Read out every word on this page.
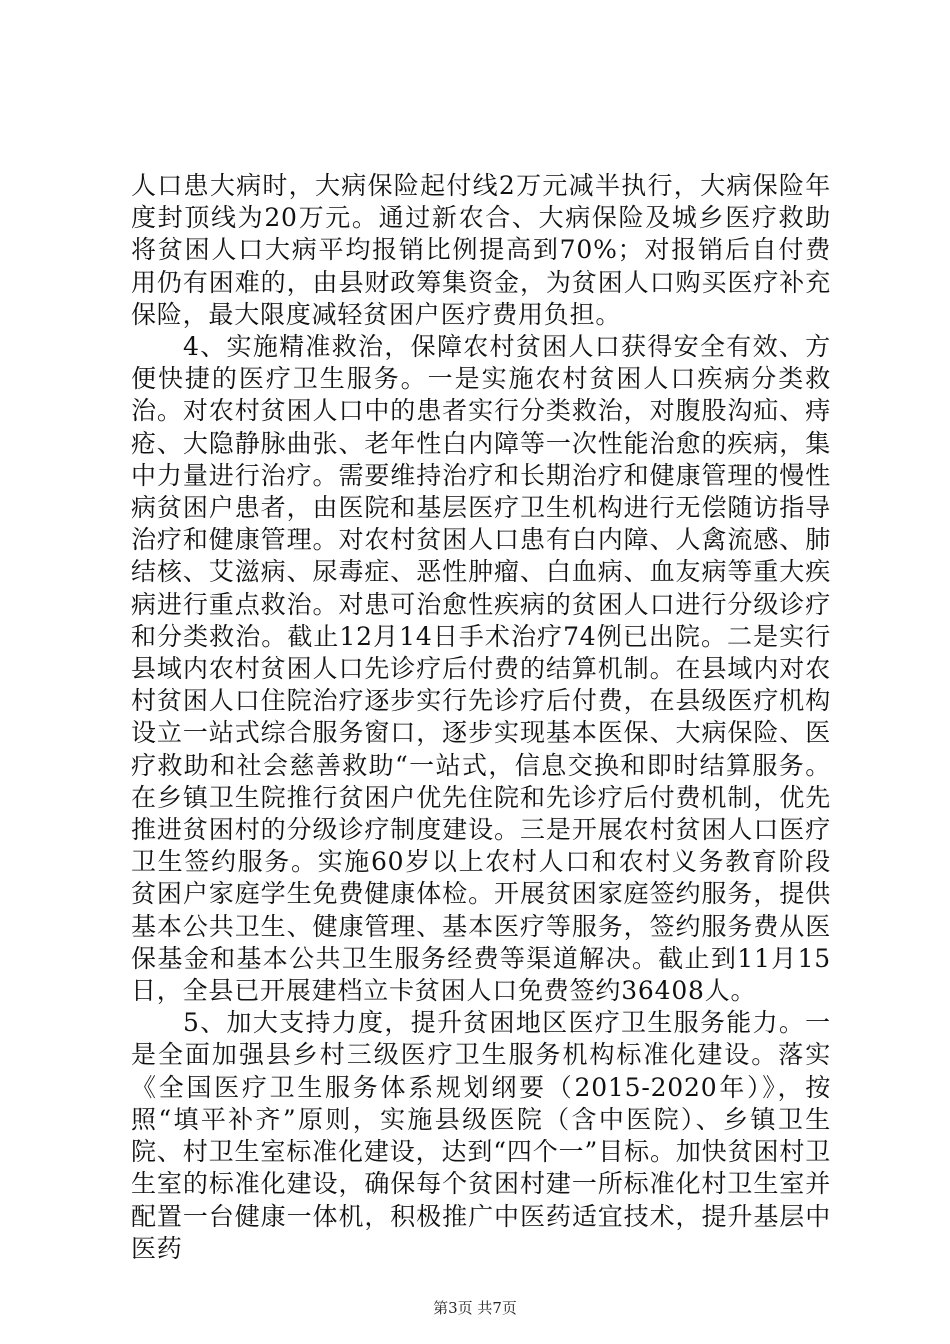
人口患大病时，大病保险起付线2万元减半执行，大病保险年度封顶线为20万元。通过新农合、大病保险及城乡医疗救助将贫困人口大病平均报销比例提高到70%；对报销后自付费用仍有困难的，由县财政筹集资金，为贫困人口购买医疗补充保险，最大限度减轻贫困户医疗费用负担。

4、实施精准救治，保障农村贫困人口获得安全有效、方便快捷的医疗卫生服务。一是实施农村贫困人口疾病分类救治。对农村贫困人口中的患者实行分类救治，对腹股沟疝、痔疮、大隐静脉曲张、老年性白内障等一次性能治愈的疾病，集中力量进行治疗。需要维持治疗和长期治疗和健康管理的慢性病贫困户患者，由医院和基层医疗卫生机构进行无偿随访指导治疗和健康管理。对农村贫困人口患有白内障、人禽流感、肺结核、艾滋病、尿毒症、恶性肿瘤、白血病、血友病等重大疾病进行重点救治。对患可治愈性疾病的贫困人口进行分级诊疗和分类救治。截止12月14日手术治疗74例已出院。二是实行县域内农村贫困人口先诊疗后付费的结算机制。在县域内对农村贫困人口住院治疗逐步实行先诊疗后付费，在县级医疗机构设立一站式综合服务窗口，逐步实现基本医保、大病保险、医疗救助和社会慈善救助“一站式，信息交换和即时结算服务。在乡镇卫生院推行贫困户优先住院和先诊疗后付费机制，优先推进贫困村的分级诊疗制度建设。三是开展农村贫困人口医疗卫生签约服务。实施60岁以上农村人口和农村义务教育阶段贫困户家庭学生免费健康体检。开展贫困家庭签约服务，提供基本公共卫生、健康管理、基本医疗等服务，签约服务费从医保基金和基本公共卫生服务经费等渠道解决。截止到11月15日，全县已开展建档立卡贫困人口免费签约36408人。

5、加大支持力度，提升贫困地区医疗卫生服务能力。一是全面加强县乡村三级医疗卫生服务机构标准化建设。落实《全国医疗卫生服务体系规划纲要（2015-2020年）》，按照“填平补齐”原则，实施县级医院（含中医院）、乡镇卫生院、村卫生室标准化建设，达到“四个一”目标。加快贫困村卫生室的标准化建设，确保每个贫困村建一所标准化村卫生室并配置一台健康一体机，积极推广中医药适宜技术，提升基层中医药

第3页 共7页
